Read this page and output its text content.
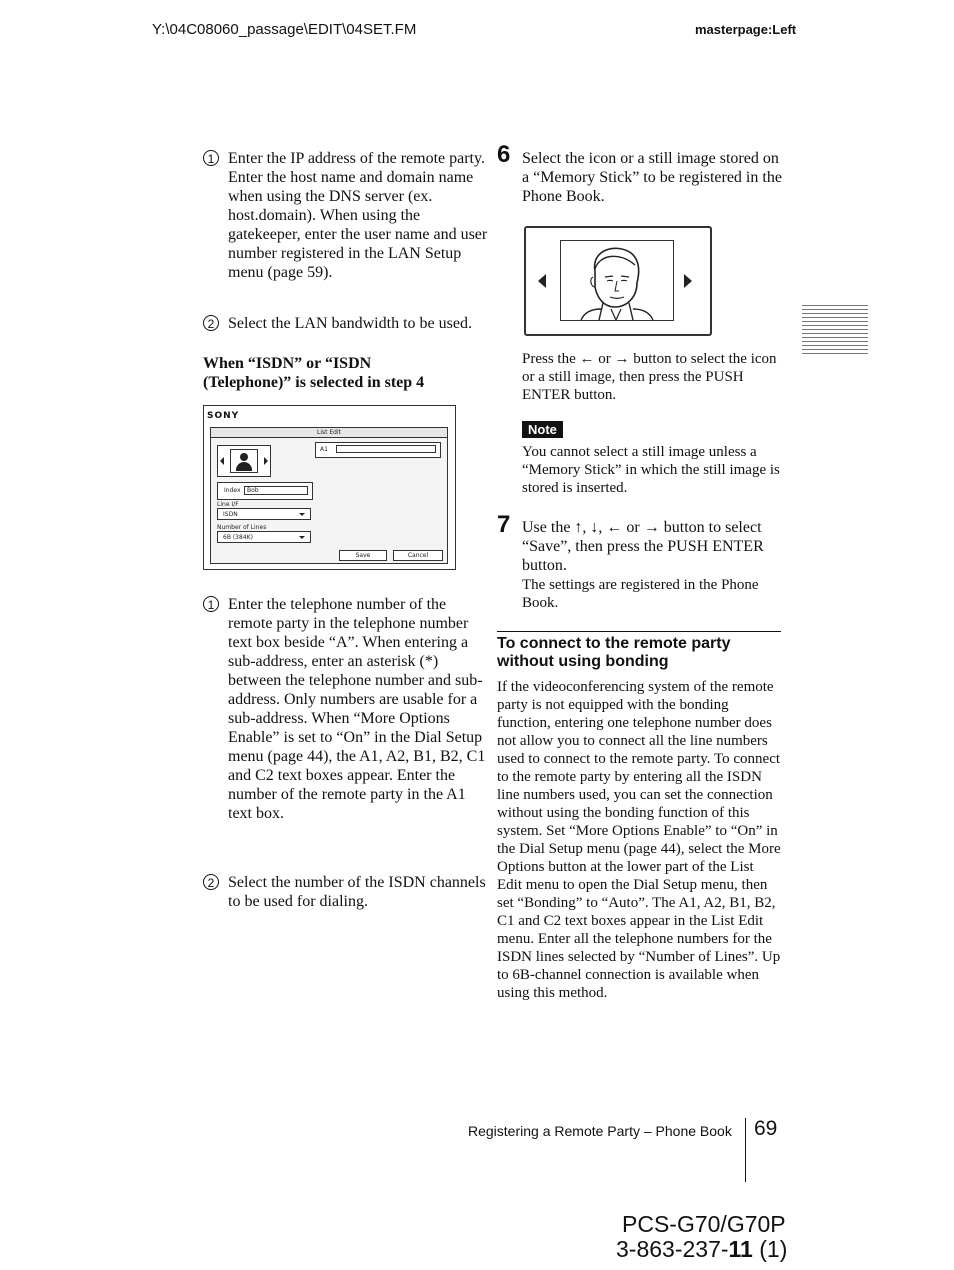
Y:\04C08060_passage\EDIT\04SET.FM	masterpage:Left
1 Enter the IP address of the remote party.
Enter the host name and domain name when using the DNS server (ex. host.domain). When using the gatekeeper, enter the user name and user number registered in the LAN Setup menu (page 59).
2 Select the LAN bandwidth to be used.
When “ISDN” or “ISDN (Telephone)” is selected in step 4
SONY
List Edit
A1
Index	Bob
Line I/F
ISDN
Number of Lines
6B (384K)
Save	Cancel
1 Enter the telephone number of the remote party in the telephone number text box beside “A”. When entering a sub-address, enter an asterisk (*) between the telephone number and sub-address. Only numbers are usable for a sub-address. When “More Options Enable” is set to “On” in the Dial Setup menu (page 44), the A1, A2, B1, B2, C1 and C2 text boxes appear. Enter the number of the remote party in the A1 text box.
2 Select the number of the ISDN channels to be used for dialing.
6 Select the icon or a still image stored on a “Memory Stick” to be registered in the Phone Book.
Press the ← or → button to select the icon or a still image, then press the PUSH ENTER button.
Note
You cannot select a still image unless a “Memory Stick” in which the still image is stored is inserted.
7 Use the ↑, ↓, ← or → button to select “Save”, then press the PUSH ENTER button.
The settings are registered in the Phone Book.
To connect to the remote party without using bonding
If the videoconferencing system of the remote party is not equipped with the bonding function, entering one telephone number does not allow you to connect all the line numbers used to connect to the remote party. To connect to the remote party by entering all the ISDN line numbers used, you can set the connection without using the bonding function of this system. Set “More Options Enable” to “On” in the Dial Setup menu (page 44), select the More Options button at the lower part of the List Edit menu to open the Dial Setup menu, then set “Bonding” to “Auto”. The A1, A2, B1, B2, C1 and C2 text boxes appear in the List Edit menu. Enter all the telephone numbers for the ISDN lines selected by “Number of Lines”. Up to 6B-channel connection is available when using this method.
Registering a Remote Party – Phone Book 69
PCS-G70/G70P
3-863-237-11 (1)
